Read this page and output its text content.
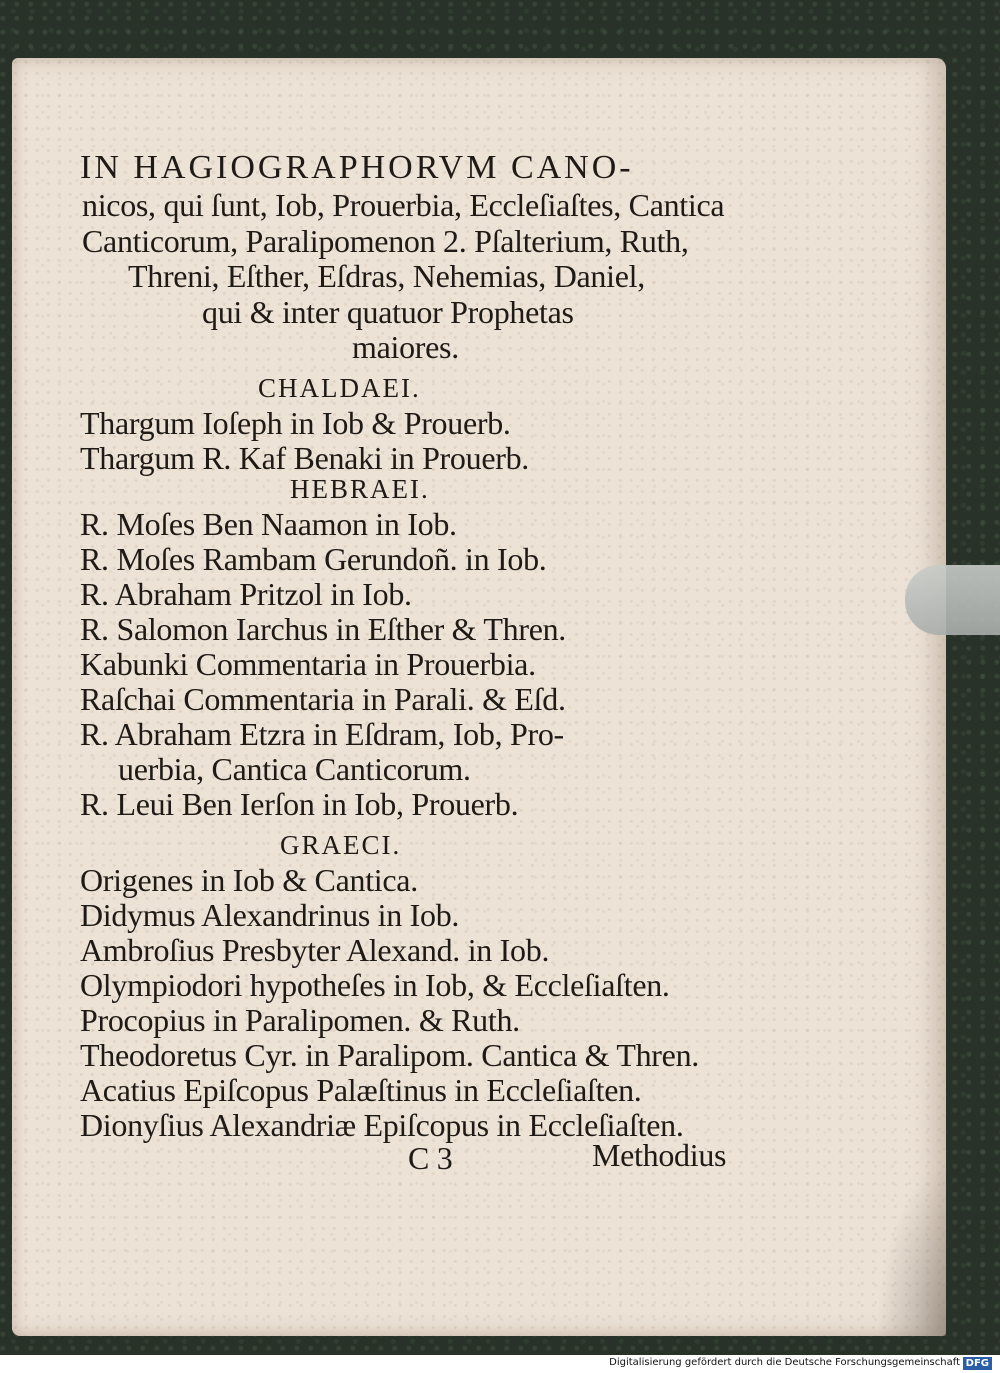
IN HAGIOGRAPHORVM CANO-
nicos, qui ſunt, Iob, Prouerbia, Eccleſiaſtes, Cantica
Canticorum, Paralipomenon 2. Pſalterium, Ruth,
Threni, Eſther, Eſdras, Nehemias, Daniel,
qui & inter quatuor Prophetas
maiores.
CHALDAEI.
Thargum Ioſeph in Iob & Prouerb.
Thargum R. Kaf Benaki in Prouerb.
HEBRAEI.
R. Moſes Ben Naamon in Iob.
R. Moſes Rambam Gerundoñ. in Iob.
R. Abraham Pritzol in Iob.
R. Salomon Iarchus in Eſther & Thren.
Kabunki Commentaria in Prouerbia.
Raſchai Commentaria in Parali. & Eſd.
R. Abraham Etzra in Eſdram, Iob, Pro-
uerbia, Cantica Canticorum.
R. Leui Ben Ierſon in Iob, Prouerb.
GRAECI.
Origenes in Iob & Cantica.
Didymus Alexandrinus in Iob.
Ambroſius Presbyter Alexand. in Iob.
Olympiodori hypotheſes in Iob, & Eccleſiaſten.
Procopius in Paralipomen. & Ruth.
Theodoretus Cyr. in Paralipom. Cantica & Thren.
Acatius Epiſcopus Palæſtinus in Eccleſiaſten.
Dionyſius Alexandriæ Epiſcopus in Eccleſiaſten.
C 3	Methodius
Digitalisierung gefördert durch die Deutsche Forschungsgemeinschaft DFG
